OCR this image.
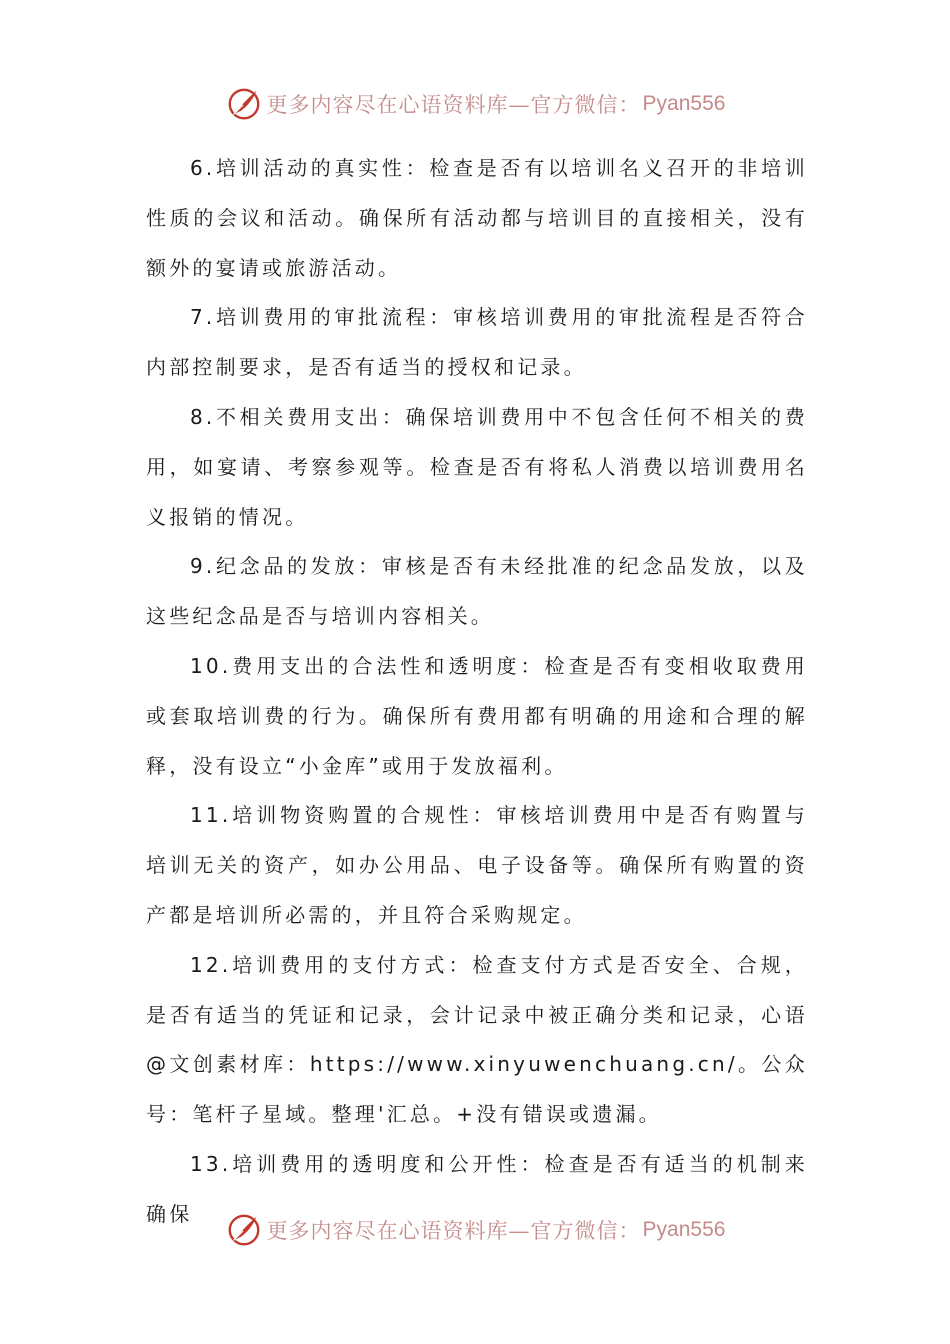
更多内容尽在心语资料库—官方微信： Pyan556

6.培训活动的真实性：检查是否有以培训名义召开的非培训性质的会议和活动。确保所有活动都与培训目的直接相关，没有额外的宴请或旅游活动。

7.培训费用的审批流程：审核培训费用的审批流程是否符合内部控制要求，是否有适当的授权和记录。

8.不相关费用支出：确保培训费用中不包含任何不相关的费用，如宴请、考察参观等。检查是否有将私人消费以培训费用名义报销的情况。

9.纪念品的发放：审核是否有未经批准的纪念品发放，以及这些纪念品是否与培训内容相关。

10.费用支出的合法性和透明度：检查是否有变相收取费用或套取培训费的行为。确保所有费用都有明确的用途和合理的解释，没有设立“小金库”或用于发放福利。

11.培训物资购置的合规性：审核培训费用中是否有购置与培训无关的资产，如办公用品、电子设备等。确保所有购置的资产都是培训所必需的，并且符合采购规定。

12.培训费用的支付方式：检查支付方式是否安全、合规，是否有适当的凭证和记录，会计记录中被正确分类和记录，心语@文创素材库：https://www.xinyuwenchuang.cn/。公众号：笔杆子星域。整理'汇总。+没有错误或遗漏。

13.培训费用的透明度和公开性：检查是否有适当的机制来确保

更多内容尽在心语资料库—官方微信： Pyan556
